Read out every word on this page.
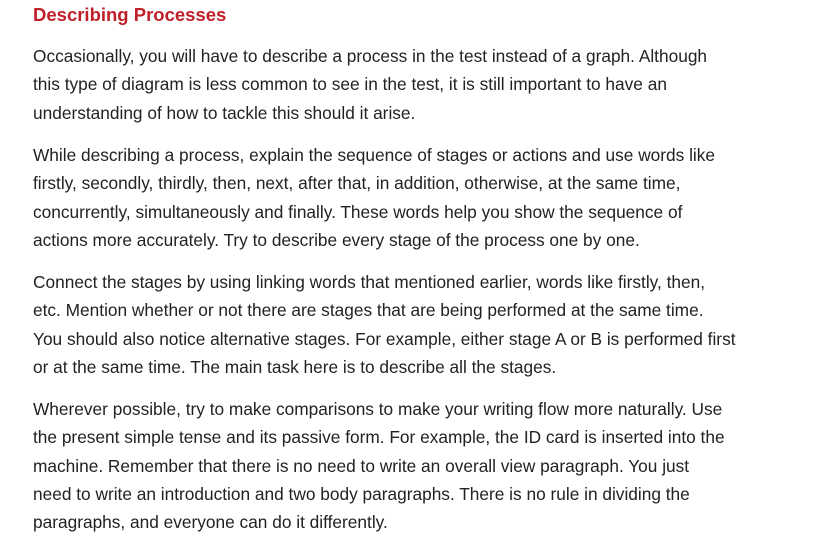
Describing Processes

Occasionally, you will have to describe a process in the test instead of a graph. Although
this type of diagram is less common to see in the test, it is still important to have an
understanding of how to tackle this should it arise.

While describing a process, explain the sequence of stages or actions and use words like
firstly, secondly, thirdly, then, next, after that, in addition, otherwise, at the same time,
concurrently, simultaneously and finally. These words help you show the sequence of
actions more accurately. Try to describe every stage of the process one by one.

Connect the stages by using linking words that mentioned earlier, words like firstly, then,
etc. Mention whether or not there are stages that are being performed at the same time.
You should also notice alternative stages. For example, either stage A or B is performed first
or at the same time. The main task here is to describe all the stages.

Wherever possible, try to make comparisons to make your writing flow more naturally. Use
the present simple tense and its passive form. For example, the ID card is inserted into the
machine. Remember that there is no need to write an overall view paragraph. You just
need to write an introduction and two body paragraphs. There is no rule in dividing the
paragraphs, and everyone can do it differently.
